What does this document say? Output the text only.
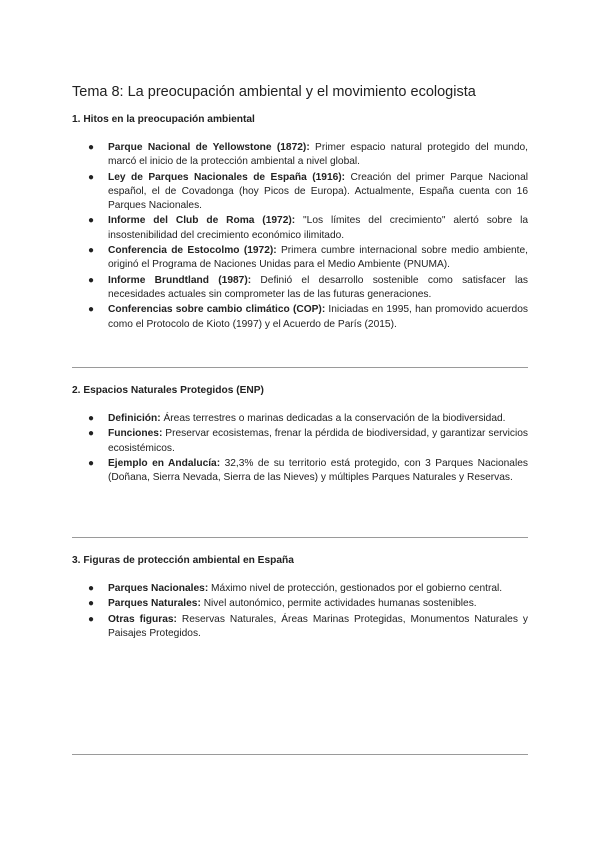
Tema 8: La preocupación ambiental y el movimiento ecologista
1. Hitos en la preocupación ambiental
● Parque Nacional de Yellowstone (1872): Primer espacio natural protegido del mundo, marcó el inicio de la protección ambiental a nivel global.
● Ley de Parques Nacionales de España (1916): Creación del primer Parque Nacional español, el de Covadonga (hoy Picos de Europa). Actualmente, España cuenta con 16 Parques Nacionales.
● Informe del Club de Roma (1972): "Los límites del crecimiento" alertó sobre la insostenibilidad del crecimiento económico ilimitado.
● Conferencia de Estocolmo (1972): Primera cumbre internacional sobre medio ambiente, originó el Programa de Naciones Unidas para el Medio Ambiente (PNUMA).
● Informe Brundtland (1987): Definió el desarrollo sostenible como satisfacer las necesidades actuales sin comprometer las de las futuras generaciones.
● Conferencias sobre cambio climático (COP): Iniciadas en 1995, han promovido acuerdos como el Protocolo de Kioto (1997) y el Acuerdo de París (2015).
2. Espacios Naturales Protegidos (ENP)
● Definición: Áreas terrestres o marinas dedicadas a la conservación de la biodiversidad.
● Funciones: Preservar ecosistemas, frenar la pérdida de biodiversidad, y garantizar servicios ecosistémicos.
● Ejemplo en Andalucía: 32,3% de su territorio está protegido, con 3 Parques Nacionales (Doñana, Sierra Nevada, Sierra de las Nieves) y múltiples Parques Naturales y Reservas.
3. Figuras de protección ambiental en España
● Parques Nacionales: Máximo nivel de protección, gestionados por el gobierno central.
● Parques Naturales: Nivel autonómico, permite actividades humanas sostenibles.
● Otras figuras: Reservas Naturales, Áreas Marinas Protegidas, Monumentos Naturales y Paisajes Protegidos.
